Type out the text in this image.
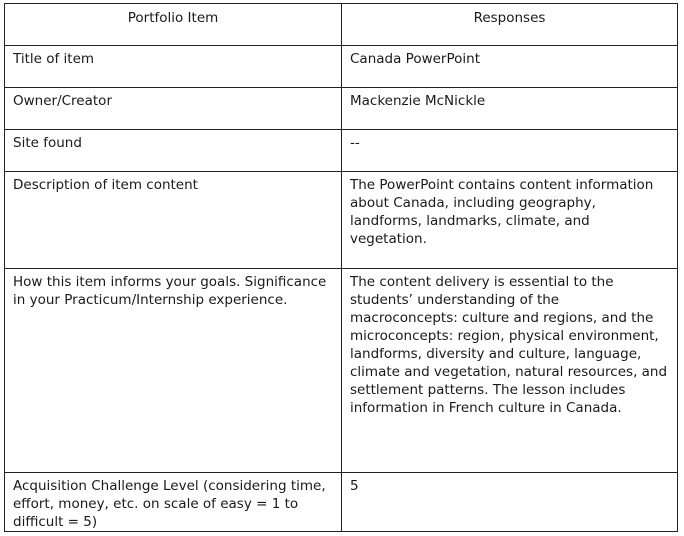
Portfolio Item	Responses
Title of item	Canada PowerPoint
Owner/Creator	Mackenzie McNickle
Site found	--
Description of item content	The PowerPoint contains content information about Canada, including geography, landforms, landmarks, climate, and vegetation.
How this item informs your goals. Significance in your Practicum/Internship experience.	The content delivery is essential to the students’ understanding of the macroconcepts: culture and regions, and the microconcepts: region, physical environment, landforms, diversity and culture, language, climate and vegetation, natural resources, and settlement patterns. The lesson includes information in French culture in Canada.
Acquisition Challenge Level (considering time, effort, money, etc. on scale of easy = 1 to difficult = 5)	5
